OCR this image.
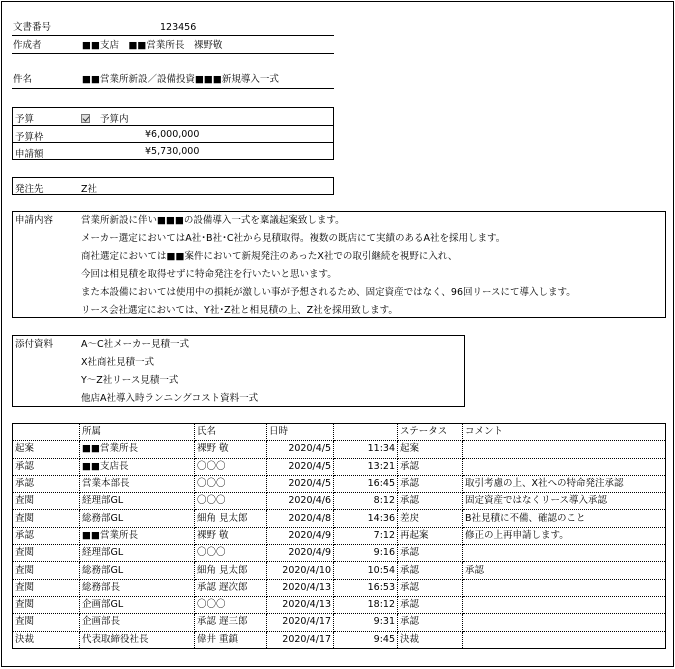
文書番号	123456
作成者	■■支店　■■営業所長　裸野敬
件名	■■営業所新設／設備投資■■■新規導入一式
予算	予算内
予算枠	¥6,000,000
申請額	¥5,730,000
発注先	Z社
申請内容	営業所新設に伴い■■■の設備導入一式を稟議起案致します。

メーカー選定においてはA社･B社･C社から見積取得。複数の既店にて実績のあるA社を採用します。

商社選定においては■■案件において新規発注のあったX社での取引継続を視野に入れ、

今回は相見積を取得せずに特命発注を行いたいと思います。

また本設備においては使用中の損耗が激しい事が予想されるため、固定資産ではなく、96回リースにて導入します。

リース会社選定においては、Y社･Z社と相見積の上、Z社を採用致します。

添付資料	A～C社メーカー見積一式

X社商社見積一式

Y～Z社リース見積一式

他店A社導入時ランニングコスト資料一式

	所属	氏名	日時		ステータス	コメント
起案	■■営業所長	裸野 敬	2020/4/5	11:34	起案	
承認	■■支店長	〇〇〇	2020/4/5	13:21	承認	
承認	営業本部長	〇〇〇	2020/4/5	16:45	承認	取引考慮の上、X社への特命発注承認
査閲	経理部GL	〇〇〇	2020/4/6	8:12	承認	固定資産ではなくリース導入承認
査閲	総務部GL	細角 見太郎	2020/4/8	14:36	差戻	B社見積に不備、確認のこと
承認	■■営業所長	裸野 敬	2020/4/9	7:12	再起案	修正の上再申請します。
査閲	経理部GL	〇〇〇	2020/4/9	9:16	承認	
査閲	総務部GL	細角 見太郎	2020/4/10	10:54	承認	承認
査閲	総務部長	承認 遅次郎	2020/4/13	16:53	承認	
査閲	企画部GL	〇〇〇	2020/4/13	18:12	承認	
査閲	企画部長	承認 遅三郎	2020/4/17	9:31	承認	
決裁	代表取締役社長	偉井 重鎮	2020/4/17	9:45	決裁	
